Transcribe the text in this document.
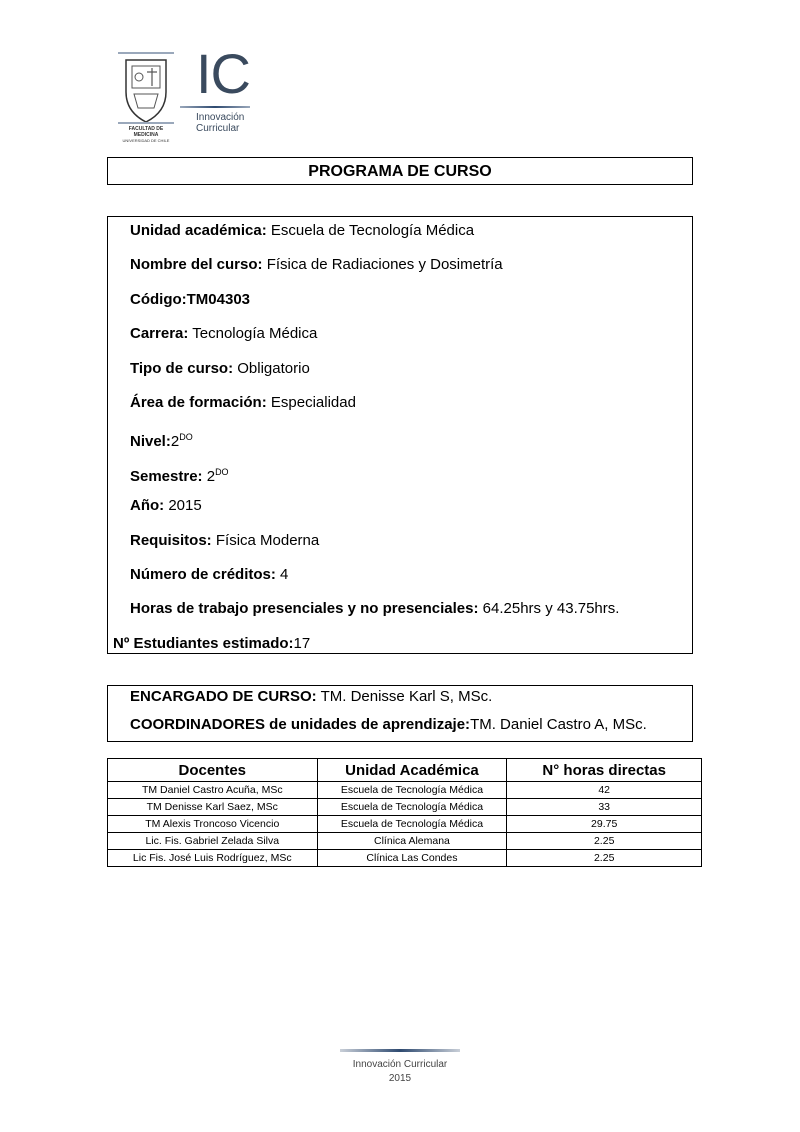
FACULTAD DE MEDICINA
UNIVERSIDAD DE CHILE
IC
Innovación
Curricular
PROGRAMA DE CURSO
Unidad académica: Escuela de Tecnología Médica
Nombre del curso: Física de Radiaciones y Dosimetría
Código:TM04303
Carrera: Tecnología Médica
Tipo de curso: Obligatorio
Área de formación: Especialidad
$Nivel:2^{DO}$
Semestre: $2^{DO}$
Año: 2015
Requisitos: Física Moderna
Número de créditos: 4
Horas de trabajo presenciales y no presenciales: 64.25hrs y 43.75hrs.
Nº Estudiantes estimado:17
ENCARGADO DE CURSO: TM. Denisse Karl S, MSc.
COORDINADORES de unidades de aprendizaje:TM. Daniel Castro A, MSc.
Docentes	Unidad Académica	N° horas directas
TM Daniel Castro Acuña, MSc	Escuela de Tecnología Médica	42
TM Denisse Karl Saez, MSc	Escuela de Tecnología Médica	33
TM Alexis Troncoso Vicencio	Escuela de Tecnología Médica	29.75
Lic. Fis. Gabriel Zelada Silva	Clínica Alemana	2.25
Lic Fis. José Luis Rodríguez, MSc	Clínica Las Condes	2.25
Innovación Curricular
2015
